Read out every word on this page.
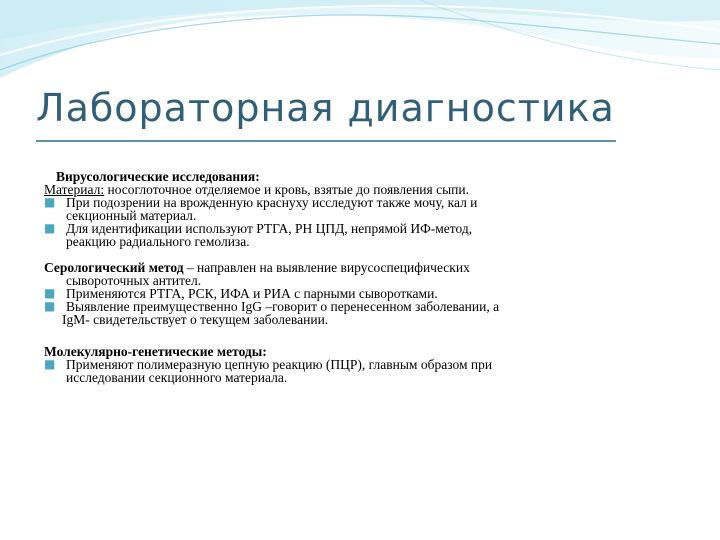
Лабораторная диагностика
Вирусологические исследования:
Материал: носоглоточное отделяемое и кровь, взятые до появления сыпи.
■ При подозрении на врожденную краснуху исследуют также мочу, кал и
секционный материал.
■ Для идентификации используют РТГА, РН ЦПД, непрямой ИФ-метод,
реакцию радиального гемолиза.
Серологический метод – направлен на выявление вирусоспецифических
сывороточных антител.
■ Применяются РТГА, РСК, ИФА и РИА с парными сыворотками.
■ Выявление преимущественно IgG –говорит о перенесенном заболевании, а
IgM- свидетельствует о текущем заболевании.
Молекулярно-генетические методы:
■ Применяют полимеразную цепную реакцию (ПЦР), главным образом при
исследовании секционного материала.
